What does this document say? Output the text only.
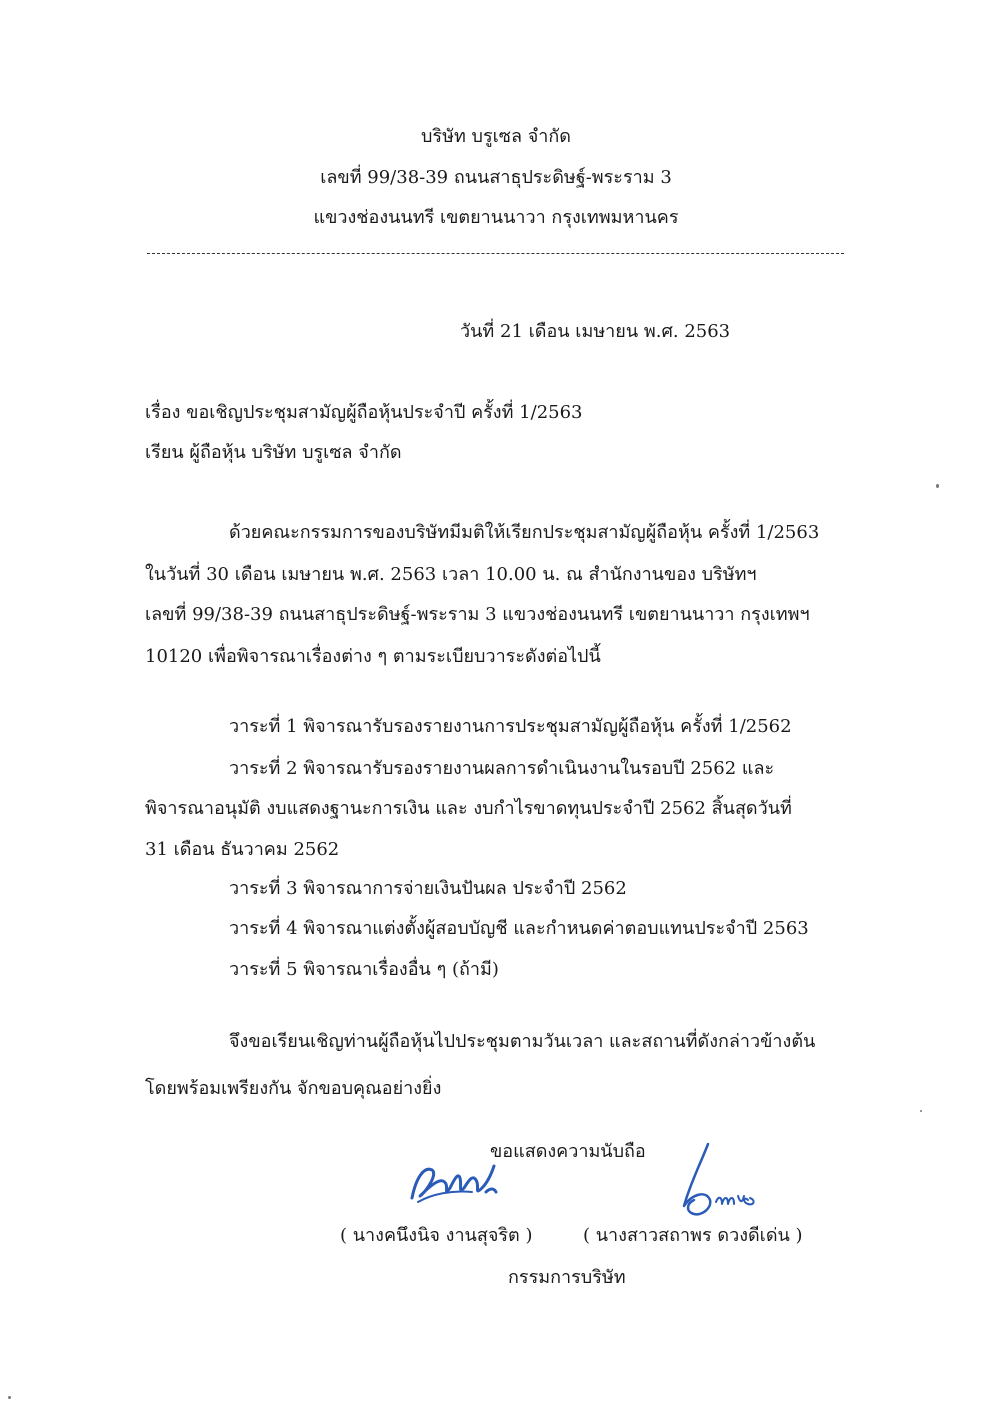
บริษัท บรูเซล จำกัด
เลขที่ 99/38-39 ถนนสาธุประดิษฐ์-พระราม 3
แขวงช่องนนทรี เขตยานนาวา กรุงเทพมหานคร
วันที่ 21 เดือน เมษายน พ.ศ. 2563
เรื่อง ขอเชิญประชุมสามัญผู้ถือหุ้นประจำปี ครั้งที่ 1/2563
เรียน ผู้ถือหุ้น บริษัท บรูเซล จำกัด
ด้วยคณะกรรมการของบริษัทมีมติให้เรียกประชุมสามัญผู้ถือหุ้น ครั้งที่ 1/2563
ในวันที่ 30 เดือน เมษายน พ.ศ. 2563 เวลา 10.00 น. ณ สำนักงานของ บริษัทฯ
เลขที่ 99/38-39 ถนนสาธุประดิษฐ์-พระราม 3 แขวงช่องนนทรี เขตยานนาวา กรุงเทพฯ
10120 เพื่อพิจารณาเรื่องต่าง ๆ ตามระเบียบวาระดังต่อไปนี้
วาระที่ 1 พิจารณารับรองรายงานการประชุมสามัญผู้ถือหุ้น ครั้งที่ 1/2562
วาระที่ 2 พิจารณารับรองรายงานผลการดำเนินงานในรอบปี 2562 และ
พิจารณาอนุมัติ งบแสดงฐานะการเงิน และ งบกำไรขาดทุนประจำปี 2562 สิ้นสุดวันที่
31 เดือน ธันวาคม 2562
วาระที่ 3 พิจารณาการจ่ายเงินปันผล ประจำปี 2562
วาระที่ 4 พิจารณาแต่งตั้งผู้สอบบัญชี และกำหนดค่าตอบแทนประจำปี 2563
วาระที่ 5 พิจารณาเรื่องอื่น ๆ (ถ้ามี)
จึงขอเรียนเชิญท่านผู้ถือหุ้นไปประชุมตามวันเวลา และสถานที่ดังกล่าวข้างต้น
โดยพร้อมเพรียงกัน จักขอบคุณอย่างยิ่ง
ขอแสดงความนับถือ
( นางคนึงนิจ งานสุจริต )	( นางสาวสถาพร ดวงดีเด่น )
กรรมการบริษัท
